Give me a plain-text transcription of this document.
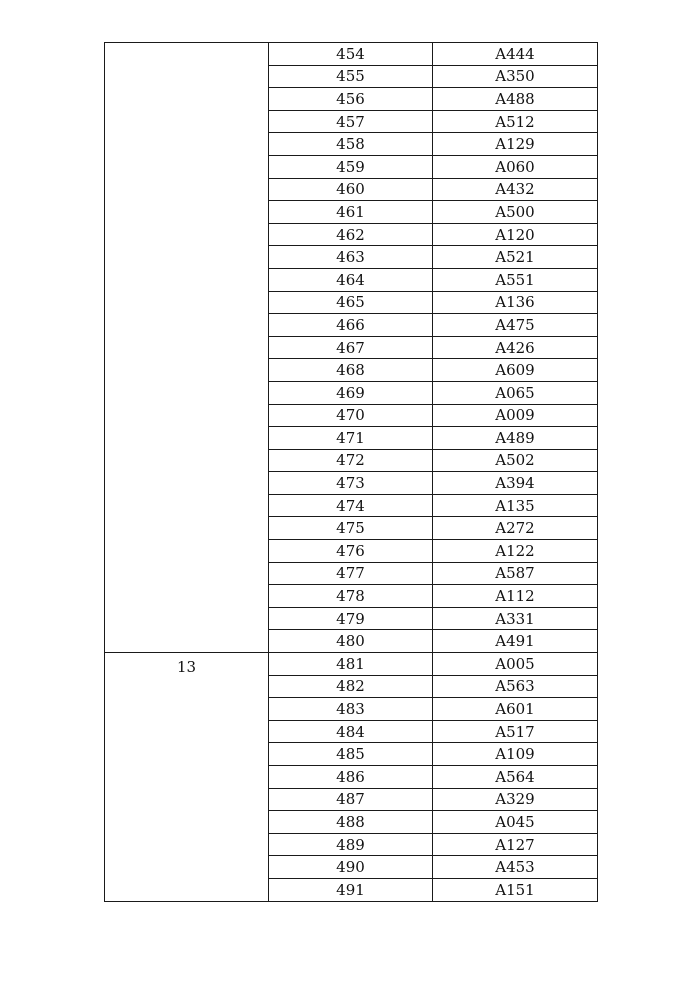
	454	A444
	455	A350
	456	A488
	457	A512
	458	A129
	459	A060
	460	A432
	461	A500
	462	A120
	463	A521
	464	A551
	465	A136
	466	A475
	467	A426
	468	A609
	469	A065
	470	A009
	471	A489
	472	A502
	473	A394
	474	A135
	475	A272
	476	A122
	477	A587
	478	A112
	479	A331
	480	A491
13	481	A005
	482	A563
	483	A601
	484	A517
	485	A109
	486	A564
	487	A329
	488	A045
	489	A127
	490	A453
	491	A151
